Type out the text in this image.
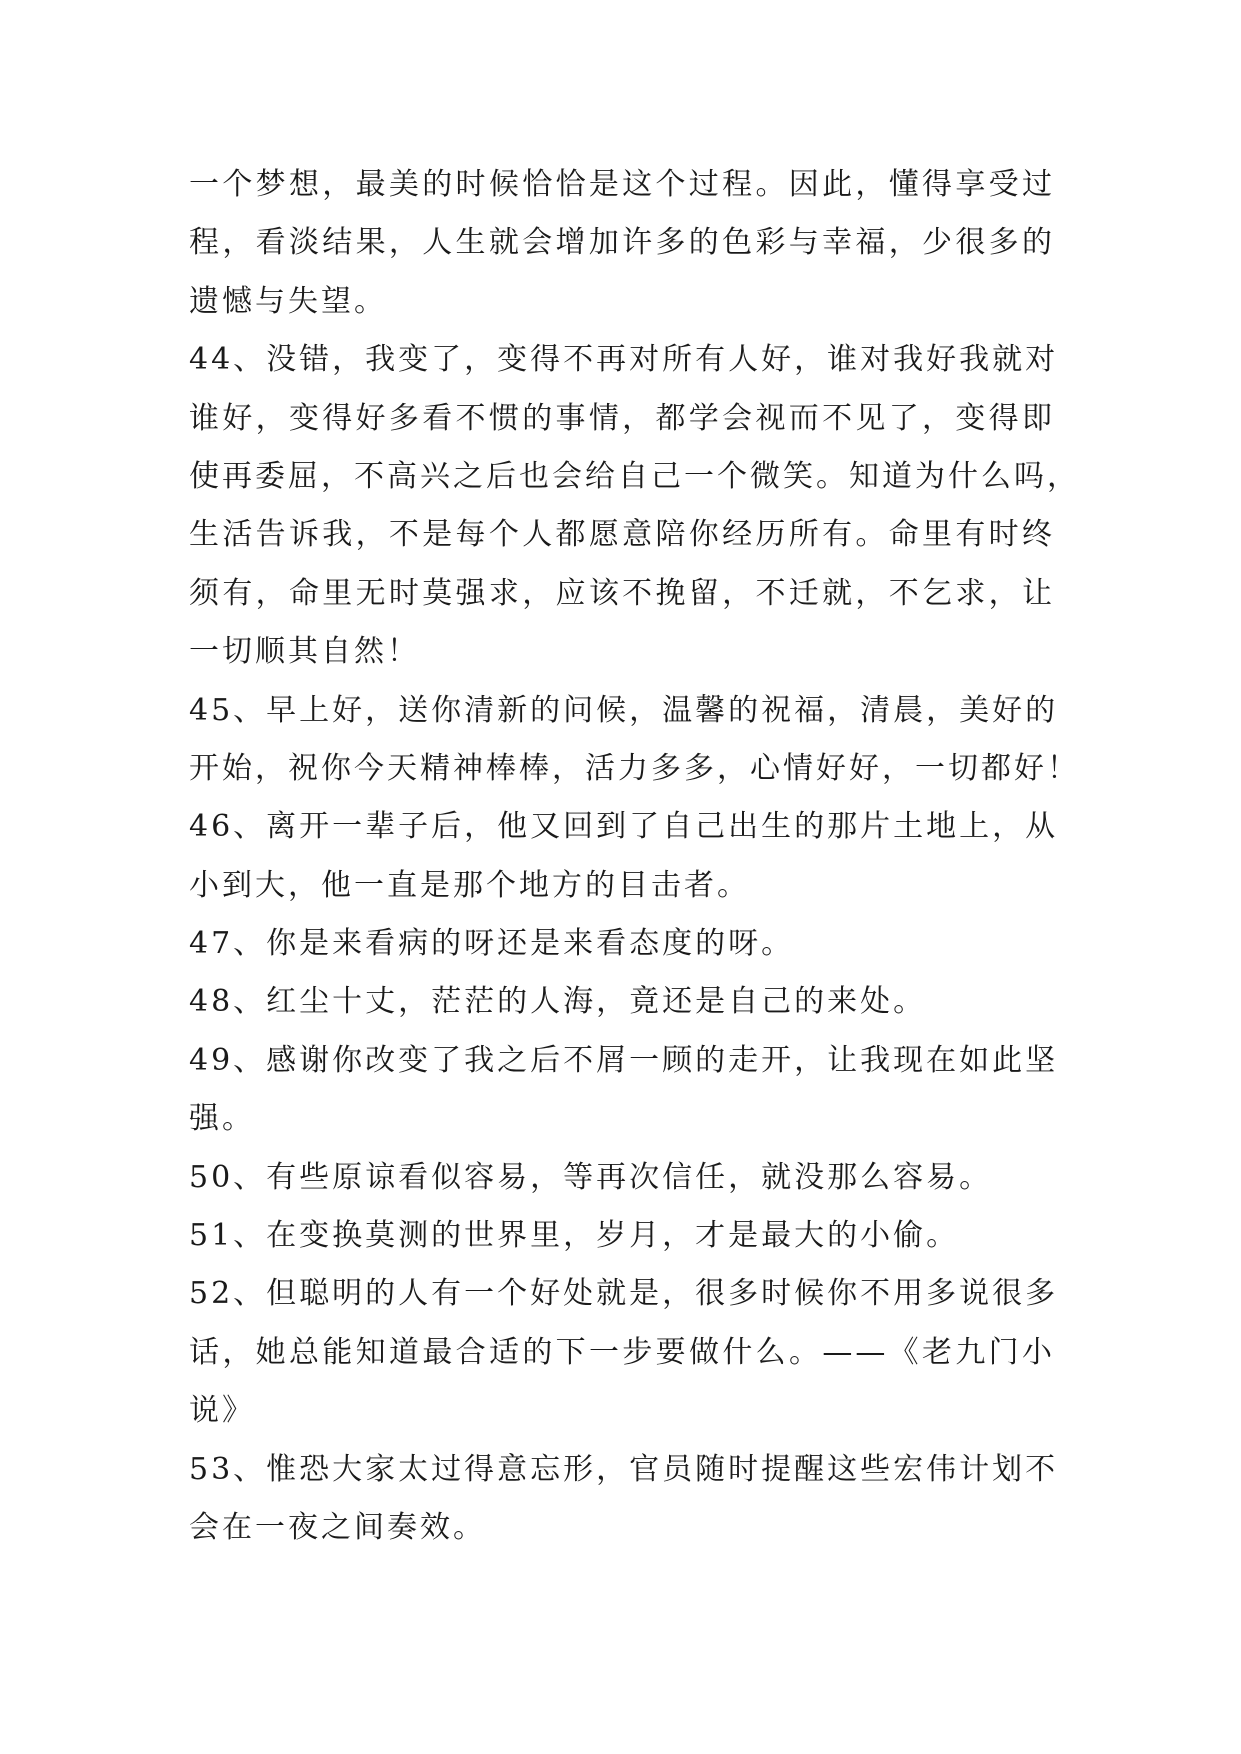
一个梦想，最美的时候恰恰是这个过程。因此，懂得享受过
程，看淡结果，人生就会增加许多的色彩与幸福，少很多的
遗憾与失望。
44、没错，我变了，变得不再对所有人好，谁对我好我就对
谁好，变得好多看不惯的事情，都学会视而不见了，变得即
使再委屈，不高兴之后也会给自己一个微笑。知道为什么吗，
生活告诉我，不是每个人都愿意陪你经历所有。命里有时终
须有，命里无时莫强求，应该不挽留，不迁就，不乞求，让
一切顺其自然！
45、早上好，送你清新的问候，温馨的祝福，清晨，美好的
开始，祝你今天精神棒棒，活力多多，心情好好，一切都好！
46、离开一辈子后，他又回到了自己出生的那片土地上，从
小到大，他一直是那个地方的目击者。
47、你是来看病的呀还是来看态度的呀。
48、红尘十丈，茫茫的人海，竟还是自己的来处。
49、感谢你改变了我之后不屑一顾的走开，让我现在如此坚
强。
50、有些原谅看似容易，等再次信任，就没那么容易。
51、在变换莫测的世界里，岁月，才是最大的小偷。
52、但聪明的人有一个好处就是，很多时候你不用多说很多
话，她总能知道最合适的下一步要做什么。——《老九门小
说》
53、惟恐大家太过得意忘形，官员随时提醒这些宏伟计划不
会在一夜之间奏效。
